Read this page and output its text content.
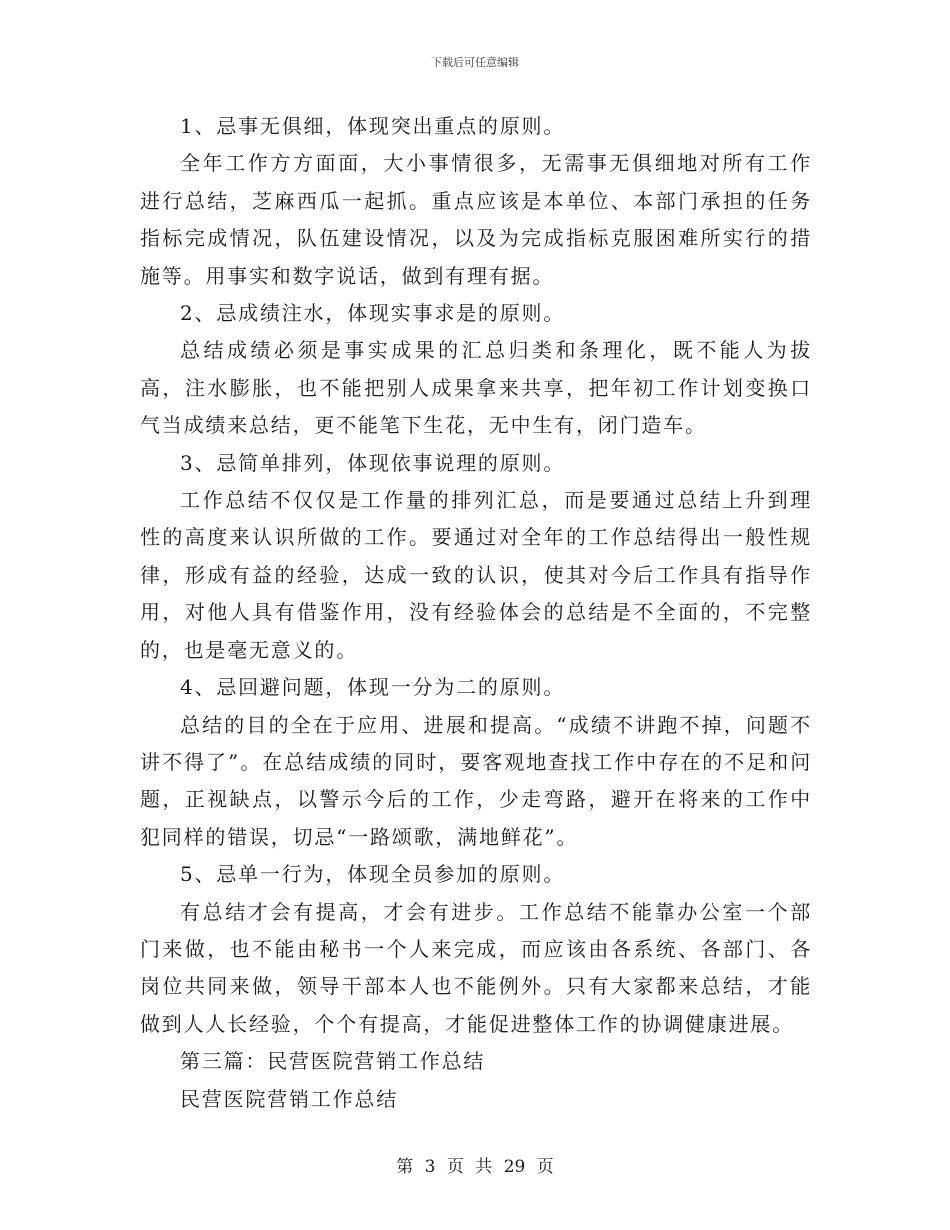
下载后可任意编辑

1、忌事无俱细，体现突出重点的原则。

全年工作方方面面，大小事情很多，无需事无俱细地对所有工作进行总结，芝麻西瓜一起抓。重点应该是本单位、本部门承担的任务指标完成情况，队伍建设情况，以及为完成指标克服困难所实行的措施等。用事实和数字说话，做到有理有据。

2、忌成绩注水，体现实事求是的原则。

总结成绩必须是事实成果的汇总归类和条理化，既不能人为拔高，注水膨胀，也不能把别人成果拿来共享，把年初工作计划变换口气当成绩来总结，更不能笔下生花，无中生有，闭门造车。

3、忌简单排列，体现依事说理的原则。

工作总结不仅仅是工作量的排列汇总，而是要通过总结上升到理性的高度来认识所做的工作。要通过对全年的工作总结得出一般性规律，形成有益的经验，达成一致的认识，使其对今后工作具有指导作用，对他人具有借鉴作用，没有经验体会的总结是不全面的，不完整的，也是毫无意义的。

4、忌回避问题，体现一分为二的原则。

总结的目的全在于应用、进展和提高。“成绩不讲跑不掉，问题不讲不得了”。在总结成绩的同时，要客观地查找工作中存在的不足和问题，正视缺点，以警示今后的工作，少走弯路，避开在将来的工作中犯同样的错误，切忌“一路颂歌，满地鲜花”。

5、忌单一行为，体现全员参加的原则。

有总结才会有提高，才会有进步。工作总结不能靠办公室一个部门来做，也不能由秘书一个人来完成，而应该由各系统、各部门、各岗位共同来做，领导干部本人也不能例外。只有大家都来总结，才能做到人人长经验，个个有提高，才能促进整体工作的协调健康进展。

第三篇：民营医院营销工作总结

民营医院营销工作总结

第 3 页 共 29 页
